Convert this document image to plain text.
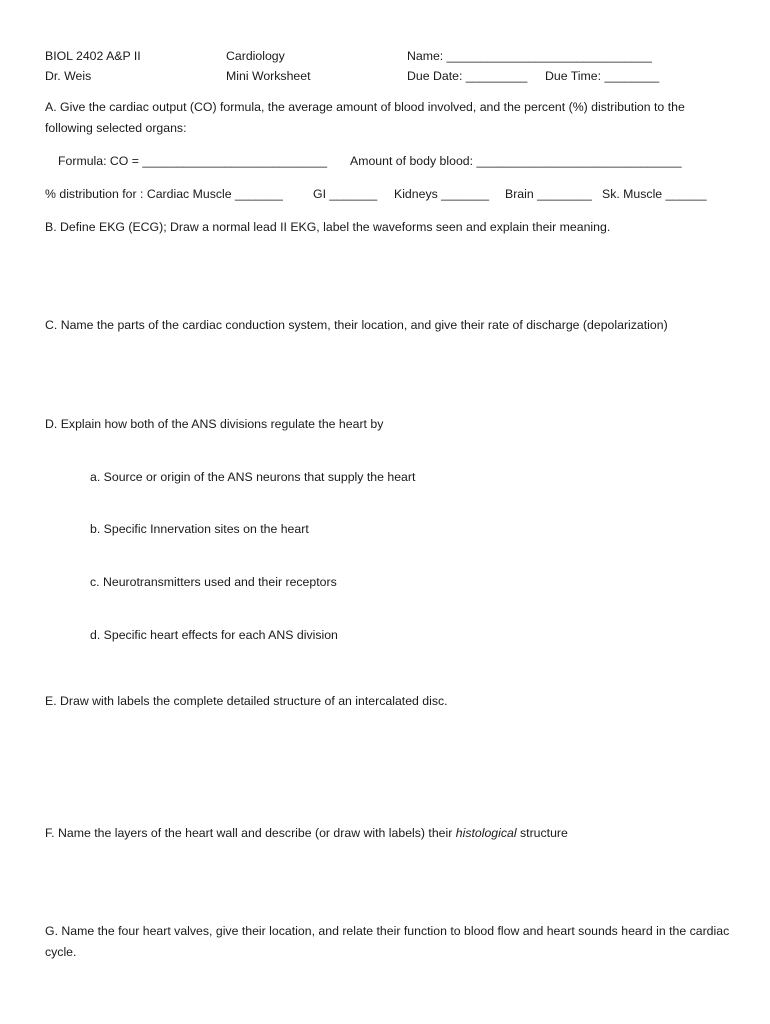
BIOL 2402 A&P II
Dr. Weis
Cardiology
Mini Worksheet
Name: ______________________________
Due Date: _________ Due Time: ________
A. Give the cardiac output (CO) formula, the average amount of blood involved, and the percent (%) distribution to the following selected organs:
Formula: CO = ___________________________ Amount of body blood: ______________________________
% distribution for : Cardiac Muscle _______ GI _______ Kidneys _______ Brain ________ Sk. Muscle ______
B. Define EKG (ECG); Draw a normal lead II EKG, label the waveforms seen and explain their meaning.
C. Name the parts of the cardiac conduction system, their location, and give their rate of discharge (depolarization)
D. Explain how both of the ANS divisions regulate the heart by
a. Source or origin of the ANS neurons that supply the heart
b. Specific Innervation sites on the heart
c. Neurotransmitters used and their receptors
d. Specific heart effects for each ANS division
E. Draw with labels the complete detailed structure of an intercalated disc.
F. Name the layers of the heart wall and describe (or draw with labels) their histological structure
G. Name the four heart valves, give their location, and relate their function to blood flow and heart sounds heard in the cardiac cycle.
